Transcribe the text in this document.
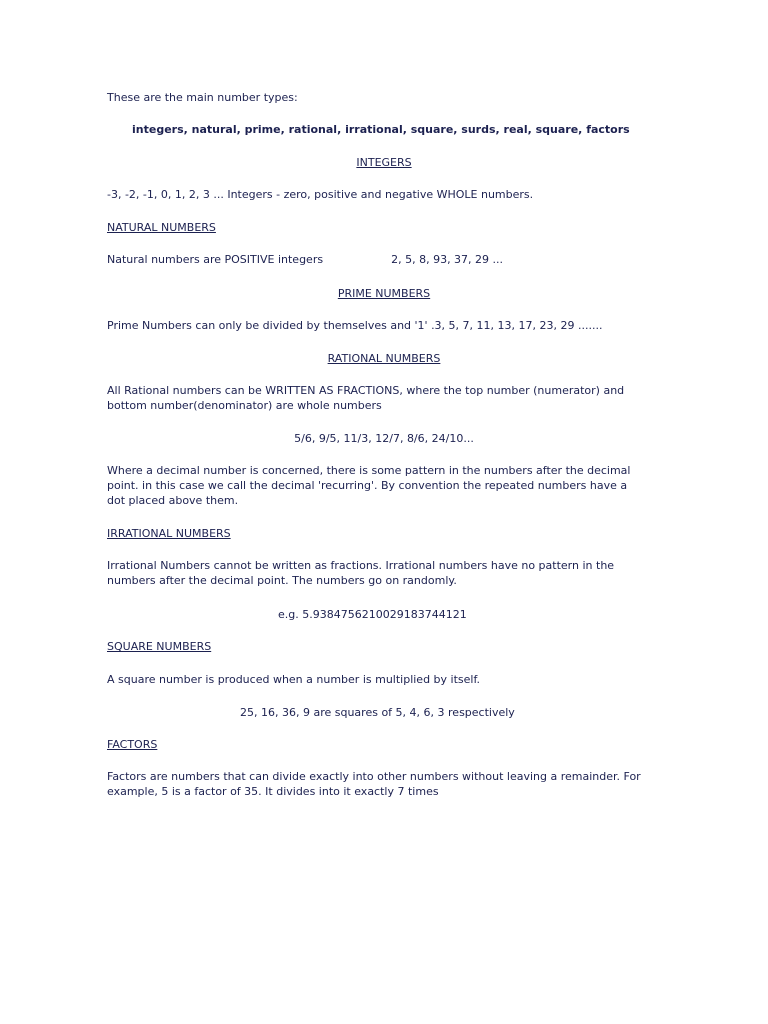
These are the main number types:
integers, natural, prime, rational, irrational, square, surds, real, square, factors
INTEGERS
-3, -2, -1, 0, 1, 2, 3 ... Integers - zero, positive and negative WHOLE numbers.
NATURAL NUMBERS
Natural numbers are POSITIVE integers	2, 5, 8, 93, 37, 29 ...
PRIME NUMBERS
Prime Numbers can only be divided by themselves and '1' .3, 5, 7, 11, 13, 17, 23, 29 .......
RATIONAL NUMBERS
All Rational numbers can be WRITTEN AS FRACTIONS, where the top number (numerator) and
bottom number(denominator) are whole numbers
5/6, 9/5, 11/3, 12/7, 8/6, 24/10...
Where a decimal number is concerned, there is some pattern in the numbers after the decimal
point. in this case we call the decimal 'recurring'. By convention the repeated numbers have a
dot placed above them.
IRRATIONAL NUMBERS
Irrational Numbers cannot be written as fractions. Irrational numbers have no pattern in the
numbers after the decimal point. The numbers go on randomly.
e.g. 5.9384756210029183744121
SQUARE NUMBERS
A square number is produced when a number is multiplied by itself.
25, 16, 36, 9 are squares of 5, 4, 6, 3 respectively
FACTORS
Factors are numbers that can divide exactly into other numbers without leaving a remainder. For
example, 5 is a factor of 35. It divides into it exactly 7 times
